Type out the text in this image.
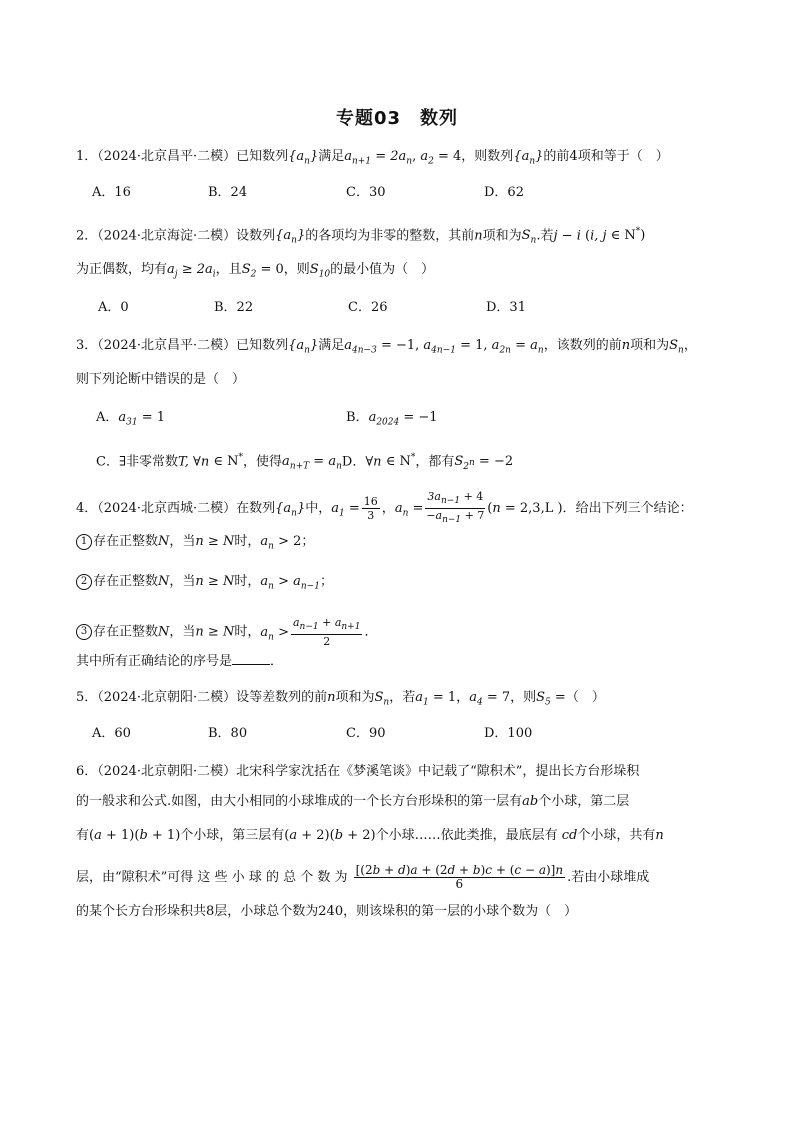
专题03　数列
1．（2024·北京昌平·二模）已知数列$\{a_n\}$满足$a_{n+1} = 2a_n$, $a_2 = 4$，则数列$\{a_n\}$的前4项和等于（　）
A．16	B．24	C．30	D．62
2．（2024·北京海淀·二模）设数列$\{a_n\}$的各项均为非零的整数，其前n项和为$S_n$.若j − i (i, j ∈ N*)
为正偶数，均有$a_j \ge 2a_i$，且$S_2 = 0$，则$S_{10}$的最小值为（　）
A．0	B．22	C．26	D．31
3．（2024·北京昌平·二模）已知数列$\{a_n\}$满足$a_{4n-3} = -1$, $a_{4n-1} = 1$, $a_{2n} = a_n$，该数列的前n项和为$S_n$，
则下列论断中错误的是（　）
A．$a_{31} = 1$	B．$a_{2024} = -1$
C．∃非零常数T, ∀n ∈ N*，使得$a_{n+T} = a_nD$．∀n ∈ N*，都有$S_{2^n} = -2$
4．（2024·北京西城·二模）在数列$\{a_n\}$中，$a_1 = \frac{16}{3}$ ，$a_n = \frac{3a_{n-1} + 4}{-a_{n-1} + 7} (n = 2,3,L$ )．给出下列三个结论：
1 存在正整数N，当n ≥ N时，$a_n > 2$；
2 存在正整数N，当n ≥ N时，$a_n > a_{n-1}$；
3 存在正整数N，当n ≥ N时，$a_n > \frac{a_{n-1} + a_{n+1}}{2}$ ．
其中所有正确结论的序号是	．
5．（2024·北京朝阳·二模）设等差数列的前n项和为$S_n$，若$a_1 = 1$，$a_4 = 7$，则$S_5$ =（　）
A．60	B．80	C．90	D．100
6．（2024·北京朝阳·二模）北宋科学家沈括在《梦溪笔谈》中记载了“隙积术”，提出长方台形垛积
的一般求和公式.如图，由大小相同的小球堆成的一个长方台形垛积的第一层有ab个小球，第二层
有(a + 1)(b + 1)个小球，第三层有(a + 2)(b + 2)个小球……依此类推，最底层有 cd个小球，共有n
层，由“隙积术”可得 这 些 小 球 的 总 个 数 为 $\frac{[(2b + d)a + (2d + b)c + (c - a)]n}{6}$ .若由小球堆成
的某个长方台形垛积共8层，小球总个数为240，则该垛积的第一层的小球个数为（　）
